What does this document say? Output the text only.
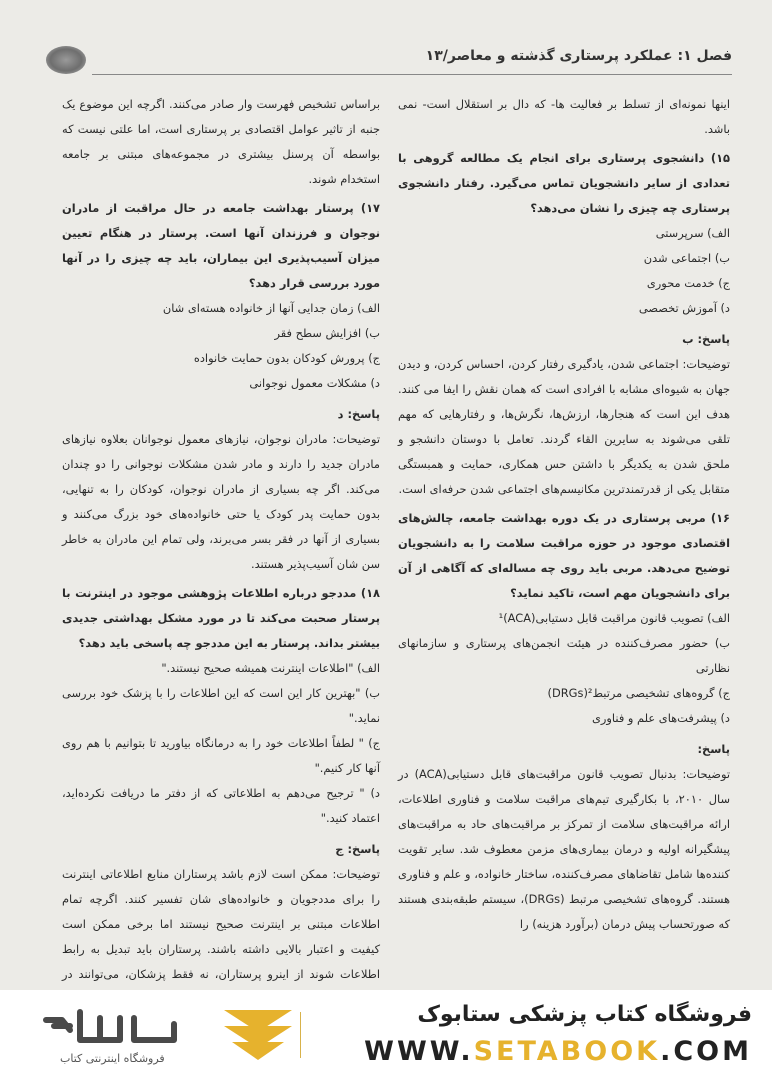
فصل ۱: عملکرد پرستاری گذشته و معاصر/۱۳

اینها نمونه‌ای از تسلط بر فعالیت ها- که دال بر استقلال است- نمی باشد.

۱۵) دانشجوی پرستاری برای انجام یک مطالعه گروهی با تعدادی از سایر دانشجویان تماس می‌گیرد. رفتار دانشجوی پرستاری چه چیزی را نشان می‌دهد؟

الف) سرپرستی

ب) اجتماعی شدن

ج) خدمت محوری

د) آموزش تخصصی

پاسخ: ب

توضیحات: اجتماعی شدن، یادگیری رفتار کردن، احساس کردن، و دیدن جهان به شیوه‌ای مشابه با افرادی است که همان نقش را ایفا می کنند. هدف این است که هنجارها، ارزش‌ها، نگرش‌ها، و رفتارهایی که مهم تلقی می‌شوند به سایرین القاء گردند. تعامل با دوستان دانشجو و ملحق شدن به یکدیگر با داشتن حس همکاری، حمایت و همبستگی متقابل یکی از قدرتمندترین مکانیسم‌های اجتماعی شدن حرفه‌ای است.

۱۶) مربی پرستاری در یک دوره بهداشت جامعه، چالش‌های اقتصادی موجود در حوزه مراقبت سلامت را به دانشجویان توضیح می‌دهد. مربی باید روی چه مساله‌ای که آگاهی از آن برای دانشجویان مهم است، تاکید نماید؟

الف) تصویب قانون مراقبت قابل دستیابی(ACA)¹

ب) حضور مصرف‌کننده در هیئت انجمن‌های پرستاری و سازمانهای نظارتی

ج) گروه‌های تشخیصی مرتبط²(DRGs)

د) پیشرفت‌های علم و فناوری

پاسخ:

توضیحات: بدنبال تصویب قانون مراقبت‌های قابل دستیابی(ACA) در سال ۲۰۱۰، با بکارگیری تیم‌های مراقبت سلامت و فناوری اطلاعات، ارائه مراقبت‌های سلامت از تمرکز بر مراقبت‌های حاد به مراقبت‌های پیشگیرانه اولیه و درمان بیماری‌های مزمن معطوف شد. سایر تقویت کننده‌ها شامل تقاضاهای مصرف‌کننده، ساختار خانواده، و علم و فناوری هستند. گروه‌های تشخیصی مرتبط (DRGs)، سیستم طبقه‌بندی هستند که صورتحساب پیش درمان (برآورد هزینه) را

براساس تشخیص فهرست وار صادر می‌کنند. اگرچه این موضوع یک جنبه از تاثیر عوامل اقتصادی بر پرستاری است، اما علتی نیست که بواسطه آن پرسنل بیشتری در مجموعه‌های مبتنی بر جامعه استخدام شوند.

۱۷) پرستار بهداشت جامعه در حال مراقبت از مادران نوجوان و فرزندان آنها است. پرستار در هنگام تعیین میزان آسیب‌پذیری این بیماران، باید چه چیزی را در آنها مورد بررسی قرار دهد؟

الف) زمان جدایی آنها از خانواده هسته‌ای شان

ب) افزایش سطح فقر

ج) پرورش کودکان بدون حمایت خانواده

د) مشکلات معمول نوجوانی

پاسخ: د

توضیحات: مادران نوجوان، نیازهای معمول نوجوانان بعلاوه نیازهای مادران جدید را دارند و مادر شدن مشکلات نوجوانی را دو چندان می‌کند. اگر چه بسیاری از مادران نوجوان، کودکان را به تنهایی، بدون حمایت پدر کودک یا حتی خانواده‌های خود بزرگ می‌کنند و بسیاری از آنها در فقر بسر می‌برند، ولی تمام این مادران به خاطر سن شان آسیب‌پذیر هستند.

۱۸) مددجو درباره اطلاعات پژوهشی موجود در اینترنت با پرستار صحبت می‌کند تا در مورد مشکل بهداشتی جدیدی بیشتر بداند. پرستار به این مددجو چه پاسخی باید دهد؟

الف) "اطلاعات اینترنت همیشه صحیح نیستند."

ب) "بهترین کار این است که این اطلاعات را با پزشک خود بررسی نماید."

ج) " لطفاً اطلاعات خود را به درمانگاه بیاورید تا بتوانیم با هم روی آنها کار کنیم."

د) " ترجیح می‌دهم به اطلاعاتی که از دفتر ما دریافت نکرده‌اید، اعتماد کنید."

پاسخ: ج

توضیحات: ممکن است لازم باشد پرستاران منابع اطلاعاتی اینترنت را برای مددجویان و خانواده‌های شان تفسیر کنند. اگرچه تمام اطلاعات مبتنی بر اینترنت صحیح نیستند اما برخی ممکن است کیفیت و اعتبار بالایی داشته باشند. پرستاران باید تبدیل به رابط اطلاعات شوند از اینرو پرستاران، نه فقط پزشکان، می‌توانند در

فروشگاه اینترنتی کتاب
فروشگاه کتاب پزشکی ستابوک
WWW.SETABOOK.COM
